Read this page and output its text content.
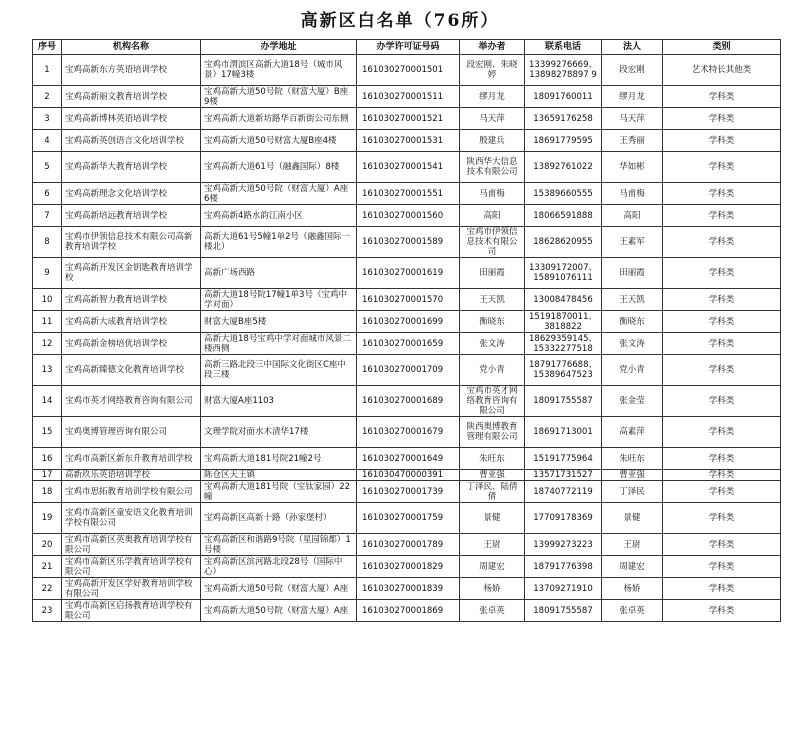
高新区白名单（76所）
序号	机构名称	办学地址	办学许可证号码	举办者	联系电话	法人	类别
1	宝鸡高新东方英语培训学校	宝鸡市渭滨区高新大道18号（城市风景）17幢3楼	161030270001501	段宏刚、朱晓婷	13399276669、13898278897 9	段宏刚	艺术特长其他类
2	宝鸡高新丽文教育培训学校	宝鸡高新大道50号院（财富大厦）B座9楼	161030270001511	缪月龙	18091760011	缪月龙	学科类
3	宝鸡高新博林英语培训学校	宝鸡高新大道新坊路华百新街公司东侧	161030270001521	马天萍	13659176258	马天萍	学科类
4	宝鸡高新英创语言文化培训学校	宝鸡高新大道50号财富大厦B座4楼	161030270001531	殷建兵	18691779595	王秀丽	学科类
5	宝鸡高新华大教育培训学校	宝鸡高新大道61号（融鑫国际）8楼	161030270001541	陕西华大信息技术有限公司	13892761022	华如彬	学科类
6	宝鸡高新理念文化培训学校	宝鸡高新大道50号院（财富大厦）A座6楼	161030270001551	马甫梅	15389660555	马甫梅	学科类
7	宝鸡高新培远教育培训学校	宝鸡高新4路水韵江南小区	161030270001560	高阳	18066591888	高阳	学科类
8	宝鸡市伊领信息技术有限公司高新教育培训学校	高新大道61号5幢1单2号（融鑫国际一楼北）	161030270001589	宝鸡市伊领信息技术有限公司	18628620955	王素军	学科类
9	宝鸡高新开发区金钥匙教育培训学校	高新广场西路	161030270001619	田丽霞	13309172007、15891076111	田丽霞	学科类
10	宝鸡高新智力教育培训学校	高新大道18号院17幢1单3号（宝鸡中学对面）	161030270001570	王天凯	13008478456	王天凯	学科类
11	宝鸡高新大成教育培训学校	财富大厦B座5楼	161030270001699	衡晓东	15191870011、3818822	衡晓东	学科类
12	宝鸡高新金榜培优培训学校	高新大道18号宝鸡中学对面城市风景二楼西侧	161030270001659	张文涛	18629359145、15332277518	张文涛	学科类
13	宝鸡高新臻德文化教育培训学校	高新三路北段三中国际文化街区C座中段三楼	161030270001709	党小青	18791776688、15389647523	党小青	学科类
14	宝鸡市英才网络教育咨询有限公司	财富大厦A座1103	161030270001689	宝鸡市英才网络教育咨询有限公司	18091755587	张金莹	学科类
15	宝鸡奥博管理咨询有限公司	文理学院对面水木清华17楼	161030270001679	陕西奥博教育管理有限公司	18691713001	高素萍	学科类
16	宝鸡市高新区新东升教育培训学校	宝鸡高新大道181号院21幢2号	161030270001649	朱旺东	15191775964	朱旺东	学科类
17	高新玖乐英语培训学校	陈仓区天王镇	161030470000391	曹亚强	13571731527	曹亚强	学科类
18	宝鸡市思拓教育培训学校有限公司	宝鸡高新大道181号院（宝钛家园）22幢	161030270001739	丁泽民、陆倩倩	18740772119	丁泽民	学科类
19	宝鸡市高新区童安语文化教育培训学校有限公司	宝鸡高新区高新十路（孙家堡村）	161030270001759	景健	17709178369	景健	学科类
20	宝鸡市高新区英奥教育培训学校有限公司	宝鸡高新区和谐路9号院（星园锦都）1号楼	161030270001789	王尉	13999273223	王尉	学科类
21	宝鸡市高新区乐学教育培训学校有限公司	宝鸡高新区滨河路北段28号（国际中心）	161030270001829	周建宏	18791776398	周建宏	学科类
22	宝鸡高新开发区学好教育培训学校有限公司	宝鸡高新大道50号院（财富大厦）A座	161030270001839	杨娇	13709271910	杨娇	学科类
23	宝鸡市高新区启扬教育培训学校有限公司	宝鸡高新大道50号院（财富大厦）A座	161030270001869	张卓英	18091755587	张卓英	学科类
